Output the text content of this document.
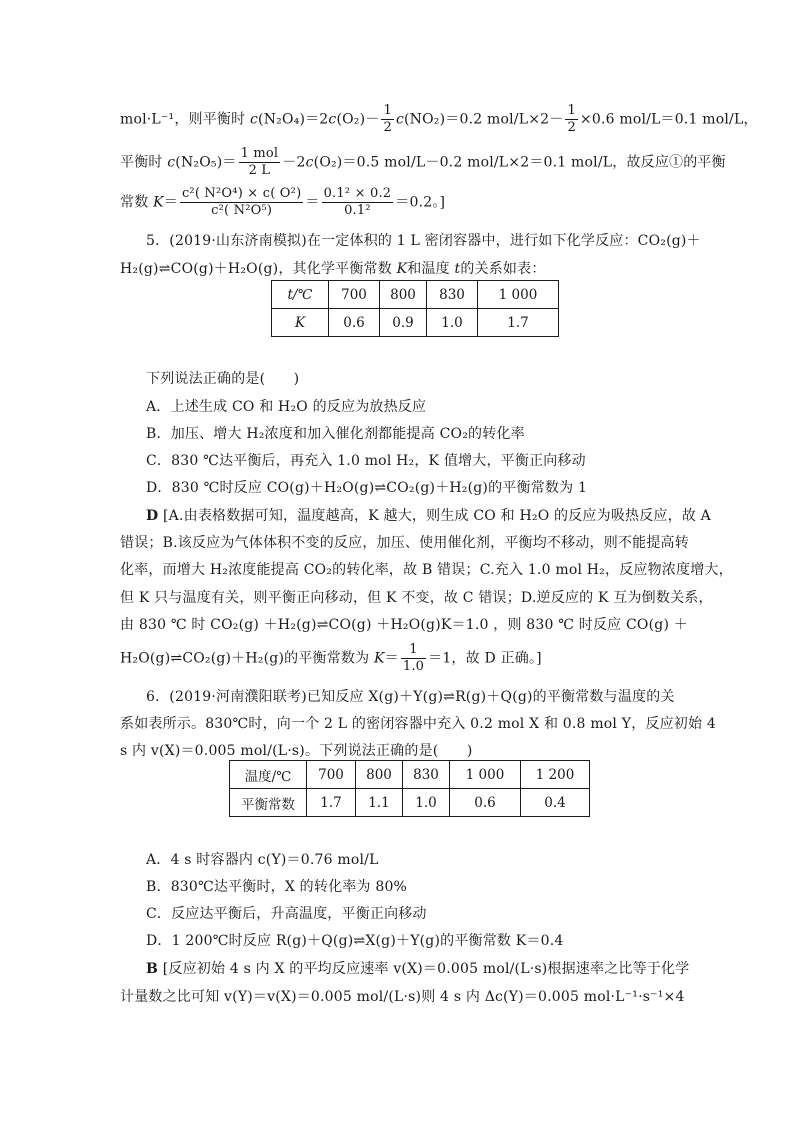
mol·L⁻¹，则平衡时 $c(N_2O_4)=2c(O_2)- \frac{1}{2} c(NO_2)=0.2$ $mol/L\times 2- \frac{1}{2} \times 0.6$ mol/L＝0.1 mol/L，
平衡时 $c(N_2O_5)= \frac{\text{1 mol}}{2 L} -2c(O_2)=0.5$ mol/L－0.2 mol/L×2＝0.1 mol/L，故反应①的平衡
常数 $K= \frac{\text{c²( N²O⁴) × c( O²)}}{\text{c²( N²O⁵)}} = \frac{\text{0.1² × 0.2}}{\text{0.1²}} =0.2$。]
5．(2019·山东济南模拟)在一定体积的 1 L 密闭容器中，进行如下化学反应：CO₂(g)＋
H₂(g)⇌CO(g)＋H₂O(g)，其化学平衡常数 K和温度 t的关系如表：
t/℃	700	800	830	1 000
K	0.6	0.9	1.0	1.7
下列说法正确的是(　　)
A．上述生成 CO 和 H₂O 的反应为放热反应
B．加压、增大 H₂浓度和加入催化剂都能提高 CO₂的转化率
C．830 ℃达平衡后，再充入 1.0 mol H₂，K 值增大，平衡正向移动
D．830 ℃时反应 CO(g)＋H₂O(g)⇌CO₂(g)＋H₂(g)的平衡常数为 1
D [A.由表格数据可知，温度越高，K 越大，则生成 CO 和 H₂O 的反应为吸热反应，故 A
错误；B.该反应为气体体积不变的反应，加压、使用催化剂，平衡均不移动，则不能提高转
化率，而增大 H₂浓度能提高 CO₂的转化率，故 B 错误；C.充入 1.0 mol H₂，反应物浓度增大，
但 K 只与温度有关，则平衡正向移动，但 K 不变，故 C 错误；D.逆反应的 K 互为倒数关系，
由 830 ℃ 时 CO₂(g) ＋H₂(g)⇌CO(g) ＋H₂O(g)K＝1.0 ，则 830 ℃ 时反应 CO(g) ＋
H₂O(g)⇌CO₂(g)＋H₂(g)的平衡常数为 $K= \frac{1}{1.0} =1$，故 D 正确。]
6．(2019·河南濮阳联考)已知反应 X(g)＋Y(g)⇌R(g)＋Q(g)的平衡常数与温度的关
系如表所示。830℃时，向一个 2 L 的密闭容器中充入 0.2 mol X 和 0.8 mol Y，反应初始 4
s 内 v(X)＝0.005 mol/(L·s)。下列说法正确的是(　　)
温度/℃	700	800	830	1 000	1 200
平衡常数	1.7	1.1	1.0	0.6	0.4
A．4 s 时容器内 c(Y)＝0.76 mol/L
B．830℃达平衡时，X 的转化率为 80%
C．反应达平衡后，升高温度，平衡正向移动
D．1 200℃时反应 R(g)＋Q(g)⇌X(g)＋Y(g)的平衡常数 K＝0.4
B [反应初始 4 s 内 X 的平均反应速率 v(X)＝0.005 mol/(L·s)根据速率之比等于化学
计量数之比可知 v(Y)＝v(X)＝0.005 mol/(L·s)则 4 s 内 Δc(Y)＝0.005 mol·L⁻¹·s⁻¹×4
